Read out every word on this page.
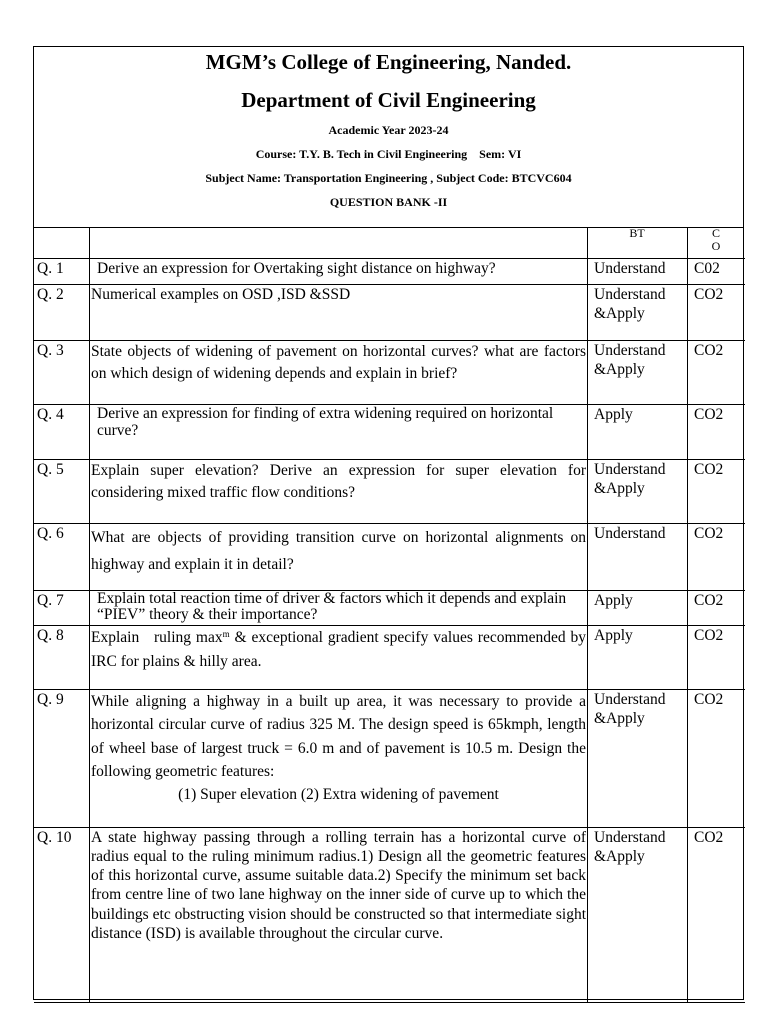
MGM’s College of Engineering, Nanded.
Department of Civil Engineering
Academic Year 2023-24
Course: T.Y. B. Tech in Civil Engineering    Sem: VI
Subject Name: Transportation Engineering , Subject Code: BTCVC604
QUESTION BANK -II
		BT	C
O

Q. 1	Derive an expression for Overtaking sight distance on highway?	Understand	C02
Q. 2	Numerical examples on OSD ,ISD &SSD	Understand &Apply	CO2
Q. 3	State objects of widening of pavement on horizontal curves? what are factors on which design of widening depends and explain in brief?	Understand &Apply	CO2
Q. 4	Derive an expression for finding of extra widening required on horizontal curve?	Apply	CO2
Q. 5	Explain super elevation? Derive an expression for super elevation for considering mixed traffic flow conditions?	Understand &Apply	CO2
Q. 6	What are objects of providing transition curve on horizontal alignments on highway and explain it in detail?	Understand	CO2
Q. 7	Explain total reaction time of driver & factors which it depends and explain “PIEV” theory & their importance?	Apply	CO2
Q. 8	Explain   ruling $\max^m$ & exceptional gradient specify values recommended by IRC for plains & hilly area.	Apply	CO2
Q. 9	While aligning a highway in a built up area, it was necessary to provide a horizontal circular curve of radius 325 M. The design speed is 65kmph, length of wheel base of largest truck = 6.0 m and of pavement is 10.5 m. Design the following geometric features:
(1) Super elevation (2) Extra widening of pavement	Understand &Apply	CO2
Q. 10	A state highway passing through a rolling terrain has a horizontal curve of radius equal to the ruling minimum radius.1) Design all the geometric features of this horizontal curve, assume suitable data.2) Specify the minimum set back from centre line of two lane highway on the inner side of curve up to which the buildings etc obstructing vision should be constructed so that intermediate sight distance (ISD) is available throughout the circular curve.	Understand &Apply	CO2
